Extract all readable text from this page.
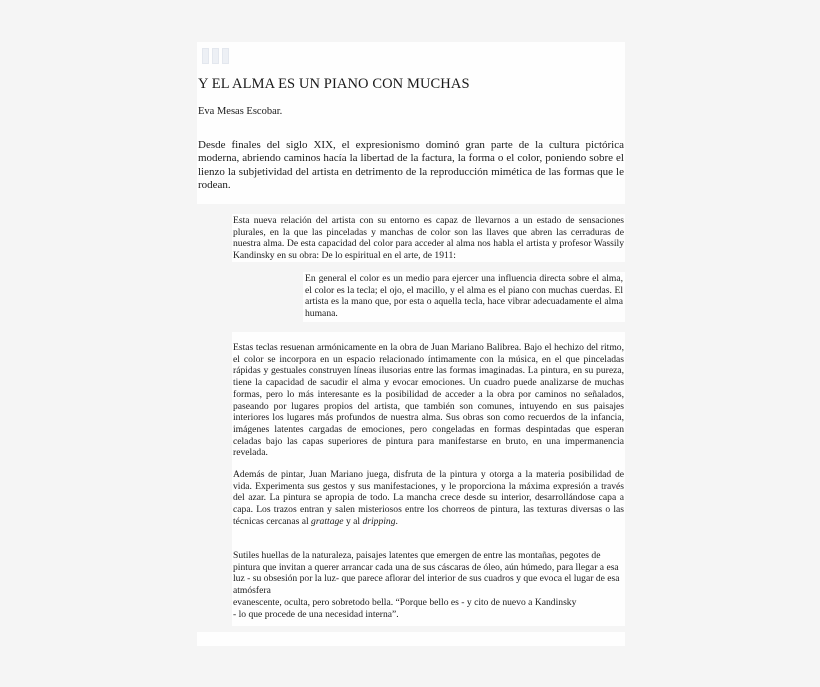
Y EL ALMA ES UN PIANO CON MUCHAS
Eva Mesas Escobar.

Desde finales del siglo XIX, el expresionismo dominó gran parte de la cultura pictórica moderna, abriendo caminos hacía la libertad de la factura, la forma o el color, poniendo sobre el lienzo la subjetividad del artista en detrimento de la reproducción mimética de las formas que le rodean.

Esta nueva relación del artista con su entorno es capaz de llevarnos a un estado de sensaciones plurales, en la que las pinceladas y manchas de color son las llaves que abren las cerraduras de nuestra alma. De esta capacidad del color para acceder al alma nos habla el artista y profesor Wassily Kandinsky en su obra: De lo espiritual en el arte, de 1911:

En general el color es un medio para ejercer una influencia directa sobre el alma, el color es la tecla; el ojo, el macillo, y el alma es el piano con muchas cuerdas. El artista es la mano que, por esta o aquella tecla, hace vibrar adecuadamente el alma humana.

Estas teclas resuenan armónicamente en la obra de Juan Mariano Balibrea. Bajo el hechizo del ritmo, el color se incorpora en un espacio relacionado íntimamente con la música, en el que pinceladas rápidas y gestuales construyen líneas ilusorias entre las formas imaginadas. La pintura, en su pureza, tiene la capacidad de sacudir el alma y evocar emociones. Un cuadro puede analizarse de muchas formas, pero lo más interesante es la posibilidad de acceder a la obra por caminos no señalados, paseando por lugares propios del artista, que también son comunes, intuyendo en sus paisajes interiores los lugares más profundos de nuestra alma. Sus obras son como recuerdos de la infancia, imágenes latentes cargadas de emociones, pero congeladas en formas despintadas que esperan celadas bajo las capas superiores de pintura para manifestarse en bruto, en una impermanencia revelada.

Además de pintar, Juan Mariano juega, disfruta de la pintura y otorga a la materia posibilidad de vida. Experimenta sus gestos y sus manifestaciones, y le proporciona la máxima expresión a través del azar. La pintura se apropia de todo. La mancha crece desde su interior, desarrollándose capa a capa. Los trazos entran y salen misteriosos entre los chorreos de pintura, las texturas diversas o las técnicas cercanas al grattage y al dripping.

Sutiles huellas de la naturaleza, paisajes latentes que emergen de entre las montañas, pegotes de pintura que invitan a querer arrancar cada una de sus cáscaras de óleo, aún húmedo, para llegar a esa luz - su obsesión por la luz- que parece aflorar del interior de sus cuadros y que evoca el lugar de esa atmósfera
evanescente, oculta, pero sobretodo bella. “Porque bello es - y cito de nuevo a Kandinsky
- lo que procede de una necesidad interna”.
